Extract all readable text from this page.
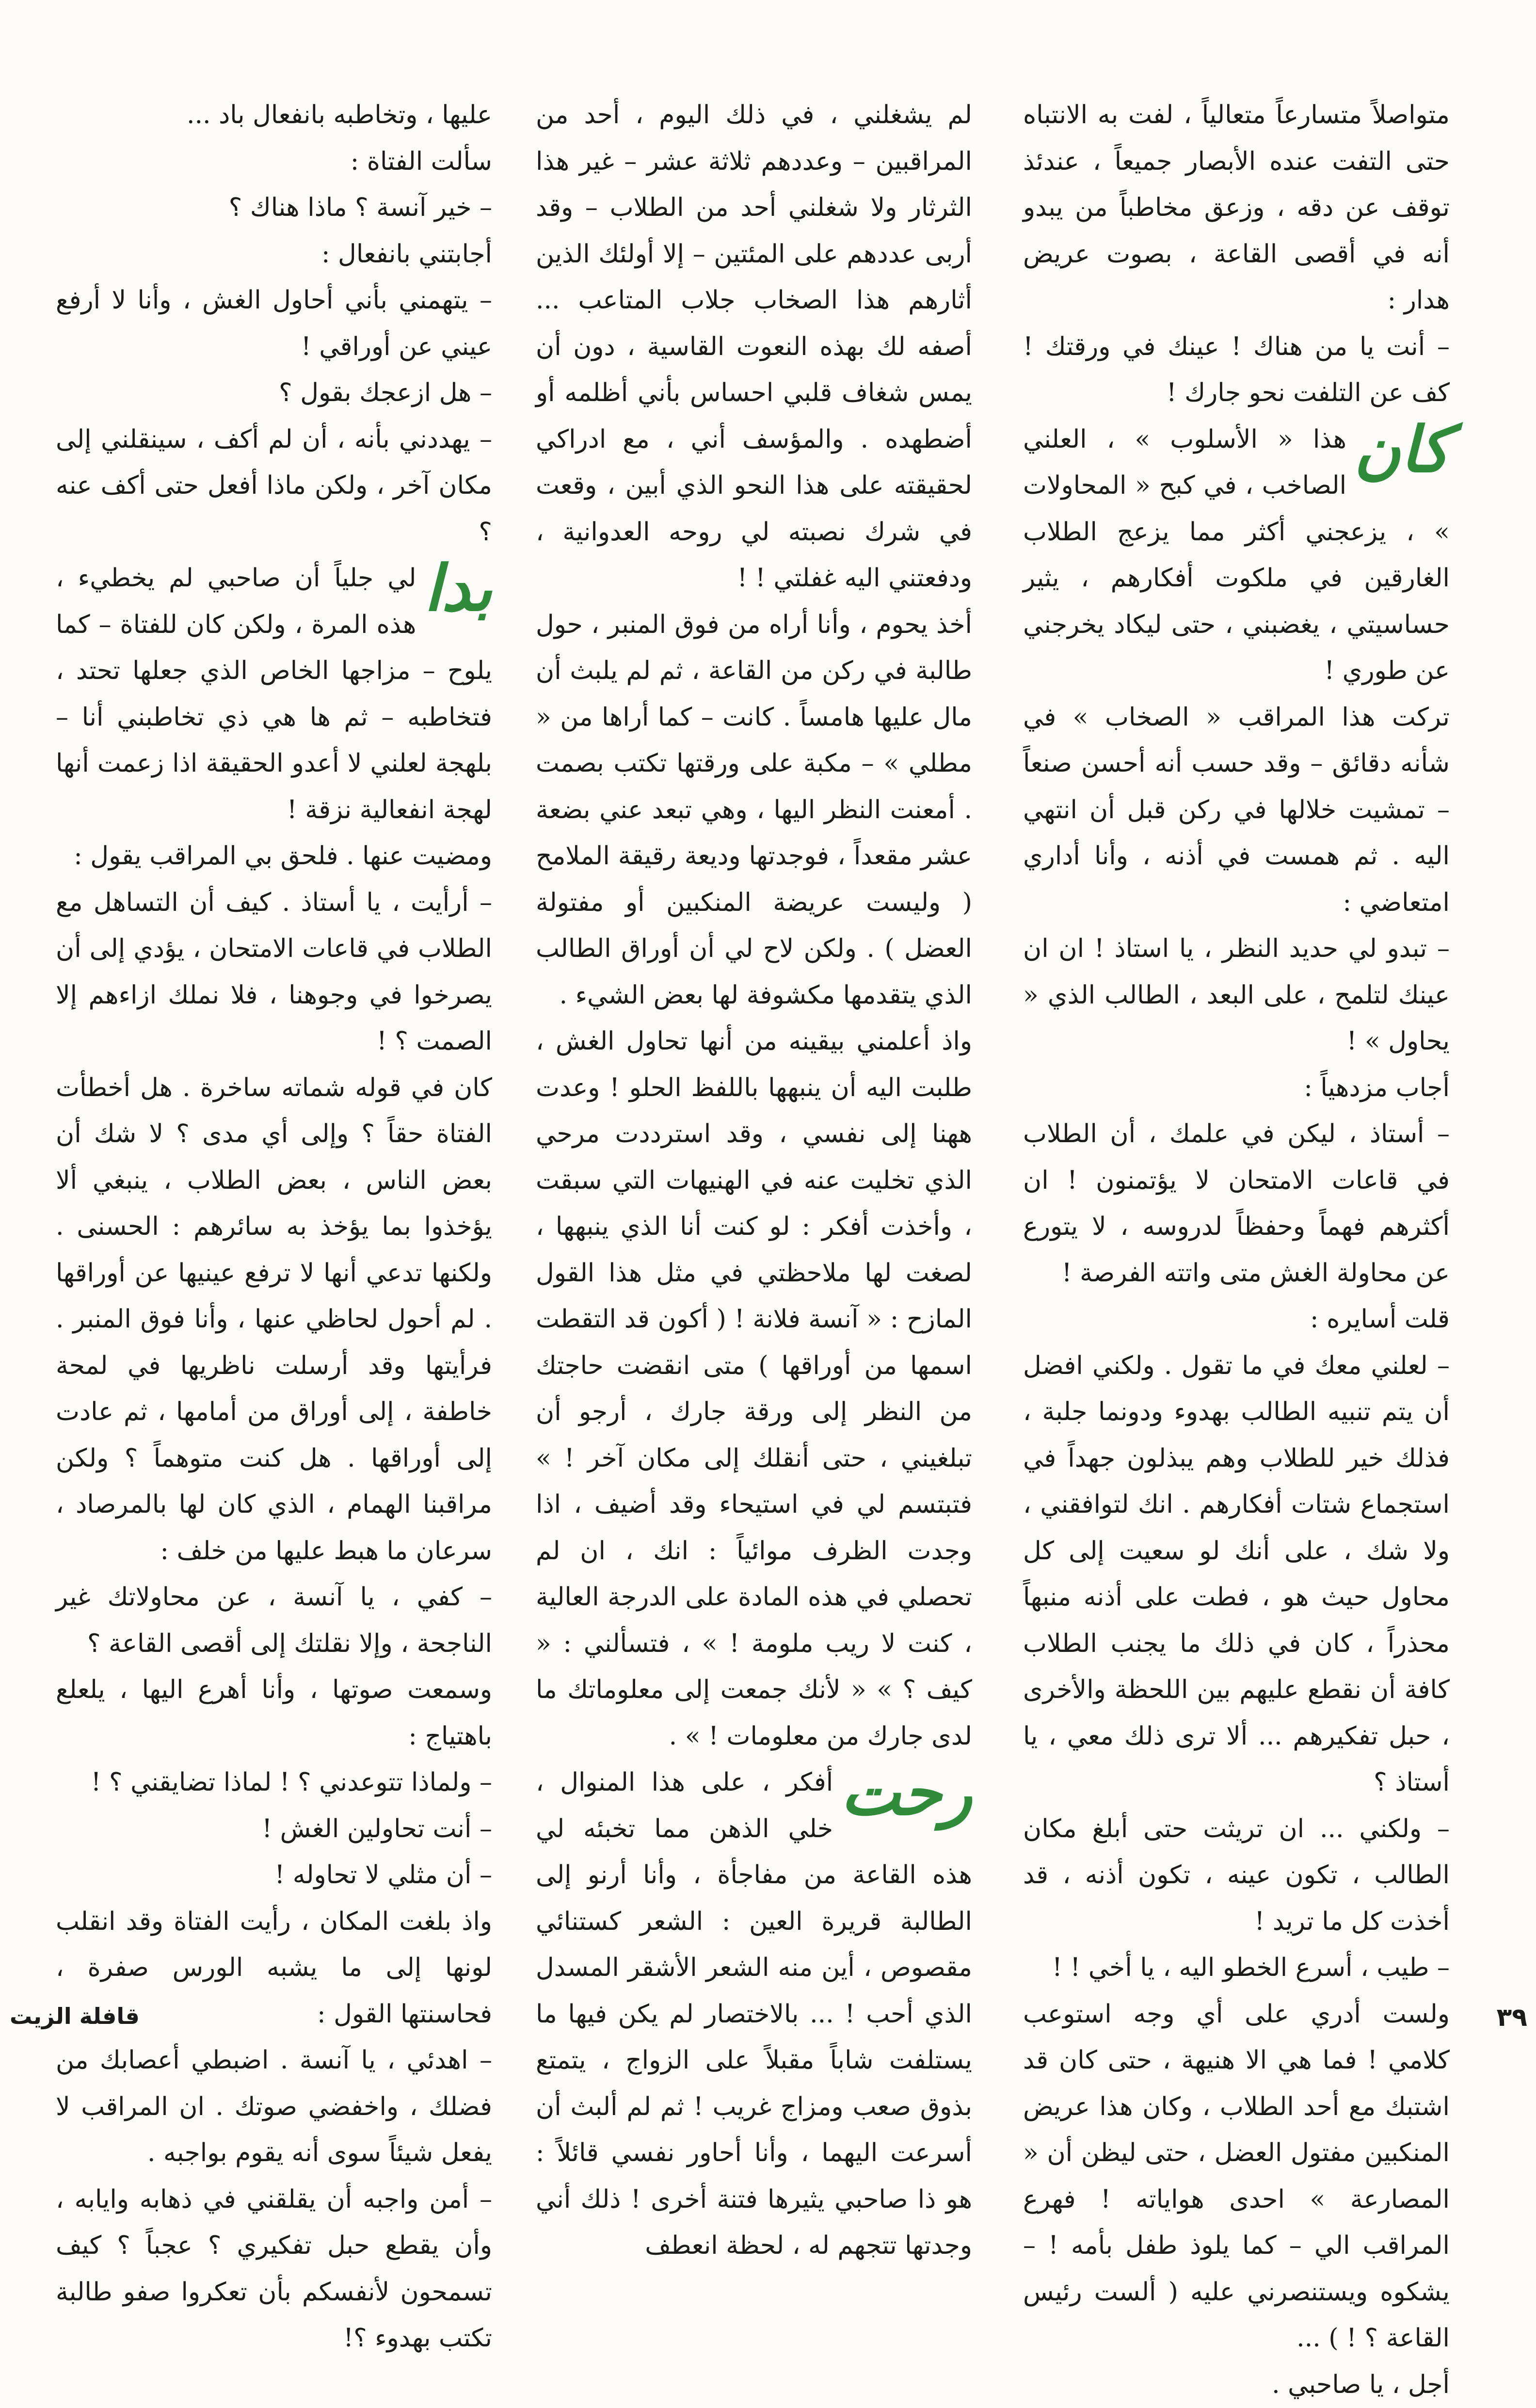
متواصلاً متسارعاً متعالياً ، لفت به الانتباه حتى التفت عنده الأبصار جميعاً ، عندئذ توقف عن دقه ، وزعق مخاطباً من يبدو أنه في أقصى القاعة ، بصوت عريض هدار :

– أنت يا من هناك ! عينك في ورقتك ! كف عن التلفت نحو جارك !

كان
هذا « الأسلوب » ، العلني الصاخب ، في كبح « المحاولات » ، يزعجني أكثر مما يزعج الطلاب الغارقين في ملكوت أفكارهم ، يثير حساسيتي ، يغضبني ، حتى ليكاد يخرجني عن طوري !

تركت هذا المراقب « الصخاب » في شأنه دقائق – وقد حسب أنه أحسن صنعاً – تمشيت خلالها في ركن قبل أن انتهي اليه . ثم همست في أذنه ، وأنا أداري امتعاضي :

– تبدو لي حديد النظر ، يا استاذ ! ان ان عينك لتلمح ، على البعد ، الطالب الذي « يحاول » !

أجاب مزدهياً :

– أستاذ ، ليكن في علمك ، أن الطلاب في قاعات الامتحان لا يؤتمنون ! ان أكثرهم فهماً وحفظاً لدروسه ، لا يتورع عن محاولة الغش متى واتته الفرصة !

قلت أسايره :

– لعلني معك في ما تقول . ولكني افضل أن يتم تنبيه الطالب بهدوء ودونما جلبة ، فذلك خير للطلاب وهم يبذلون جهداً في استجماع شتات أفكارهم . انك لتوافقني ، ولا شك ، على أنك لو سعيت إلى كل محاول حيث هو ، فطت على أذنه منبهاً محذراً ، كان في ذلك ما يجنب الطلاب كافة أن نقطع عليهم بين اللحظة والأخرى ، حبل تفكيرهم ... ألا ترى ذلك معي ، يا أستاذ ؟

– ولكني ... ان تريثت حتى أبلغ مكان الطالب ، تكون عينه ، تكون أذنه ، قد أخذت كل ما تريد !

– طيب ، أسرع الخطو اليه ، يا أخي ! !

ولست أدري على أي وجه استوعب كلامي ! فما هي الا هنيهة ، حتى كان قد اشتبك مع أحد الطلاب ، وكان هذا عريض المنكبين مفتول العضل ، حتى ليظن أن « المصارعة » احدى هواياته ! فهرع المراقب الي – كما يلوذ طفل بأمه ! – يشكوه ويستنصرني عليه ( ألست رئيس القاعة ؟ ! ) ...

أجل ، يا صاحبي .

لم يشغلني ، في ذلك اليوم ، أحد من المراقبين – وعددهم ثلاثة عشر – غير هذا الثرثار ولا شغلني أحد من الطلاب – وقد أربى عددهم على المئتين – إلا أولئك الذين أثارهم هذا الصخاب جلاب المتاعب ... أصفه لك بهذه النعوت القاسية ، دون أن يمس شغاف قلبي احساس بأني أظلمه أو أضطهده . والمؤسف أني ، مع ادراكي لحقيقته على هذا النحو الذي أبين ، وقعت في شرك نصبته لي روحه العدوانية ، ودفعتني اليه غفلتي ! !

أخذ يحوم ، وأنا أراه من فوق المنبر ، حول طالبة في ركن من القاعة ، ثم لم يلبث أن مال عليها هامساً . كانت – كما أراها من « مطلي » – مكبة على ورقتها تكتب بصمت . أمعنت النظر اليها ، وهي تبعد عني بضعة عشر مقعداً ، فوجدتها وديعة رقيقة الملامح ( وليست عريضة المنكبين أو مفتولة العضل ) . ولكن لاح لي أن أوراق الطالب الذي يتقدمها مكشوفة لها بعض الشيء .

واذ أعلمني بيقينه من أنها تحاول الغش ، طلبت اليه أن ينبهها باللفظ الحلو ! وعدت ههنا إلى نفسي ، وقد استرددت مرحي الذي تخليت عنه في الهنيهات التي سبقت ، وأخذت أفكر : لو كنت أنا الذي ينبهها ، لصغت لها ملاحظتي في مثل هذا القول المازح : « آنسة فلانة ! ( أكون قد التقطت اسمها من أوراقها ) متى انقضت حاجتك من النظر إلى ورقة جارك ، أرجو أن تبلغيني ، حتى أنقلك إلى مكان آخر ! » فتبتسم لي في استيحاء وقد أضيف ، اذا وجدت الظرف موائياً : انك ، ان لم تحصلي في هذه المادة على الدرجة العالية ، كنت لا ريب ملومة ! » ، فتسألني : « كيف ؟ » « لأنك جمعت إلى معلوماتك ما لدى جارك من معلومات ! » .

رحت
أفكر ، على هذا المنوال ، خلي الذهن مما تخبئه لي هذه القاعة من مفاجأة ، وأنا أرنو إلى الطالبة قريرة العين : الشعر كستنائي مقصوص ، أين منه الشعر الأشقر المسدل الذي أحب ! ... بالاختصار لم يكن فيها ما يستلفت شاباً مقبلاً على الزواج ، يتمتع بذوق صعب ومزاج غريب ! ثم لم ألبث أن أسرعت اليهما ، وأنا أحاور نفسي قائلاً : هو ذا صاحبي يثيرها فتنة أخرى ! ذلك أني وجدتها تتجهم له ، لحظة انعطف

عليها ، وتخاطبه بانفعال باد ...

سألت الفتاة :

– خير آنسة ؟ ماذا هناك ؟

أجابتني بانفعال :

– يتهمني بأني أحاول الغش ، وأنا لا أرفع عيني عن أوراقي !

– هل ازعجك بقول ؟

– يهددني بأنه ، أن لم أكف ، سينقلني إلى مكان آخر ، ولكن ماذا أفعل حتى أكف عنه ؟

بدا
لي جلياً أن صاحبي لم يخطيء ، هذه المرة ، ولكن كان للفتاة – كما يلوح – مزاجها الخاص الذي جعلها تحتد ، فتخاطبه – ثم ها هي ذي تخاطبني أنا – بلهجة لعلني لا أعدو الحقيقة اذا زعمت أنها لهجة انفعالية نزقة !

ومضيت عنها . فلحق بي المراقب يقول :

– أرأيت ، يا أستاذ . كيف أن التساهل مع الطلاب في قاعات الامتحان ، يؤدي إلى أن يصرخوا في وجوهنا ، فلا نملك ازاءهم إلا الصمت ؟ !

كان في قوله شماته ساخرة . هل أخطأت الفتاة حقاً ؟ وإلى أي مدى ؟ لا شك أن بعض الناس ، بعض الطلاب ، ينبغي ألا يؤخذوا بما يؤخذ به سائرهم : الحسنى . ولكنها تدعي أنها لا ترفع عينيها عن أوراقها . لم أحول لحاظي عنها ، وأنا فوق المنبر . فرأيتها وقد أرسلت ناظريها في لمحة خاطفة ، إلى أوراق من أمامها ، ثم عادت إلى أوراقها . هل كنت متوهماً ؟ ولكن مراقبنا الهمام ، الذي كان لها بالمرصاد ، سرعان ما هبط عليها من خلف :

– كفي ، يا آنسة ، عن محاولاتك غير الناجحة ، وإلا نقلتك إلى أقصى القاعة ؟

وسمعت صوتها ، وأنا أهرع اليها ، يلعلع باهتياج :

– ولماذا تتوعدني ؟ ! لماذا تضايقني ؟ !

– أنت تحاولين الغش !

– أن مثلي لا تحاوله !

واذ بلغت المكان ، رأيت الفتاة وقد انقلب لونها إلى ما يشبه الورس صفرة ، فحاسنتها القول :

– اهدئي ، يا آنسة . اضبطي أعصابك من فضلك ، واخفضي صوتك . ان المراقب لا يفعل شيئاً سوى أنه يقوم بواجبه .

– أمن واجبه أن يقلقني في ذهابه وايابه ، وأن يقطع حبل تفكيري ؟ عجباً ؟ كيف تسمحون لأنفسكم بأن تعكروا صفو طالبة تكتب بهدوء ؟!

٣٩
قافلة الزيت
